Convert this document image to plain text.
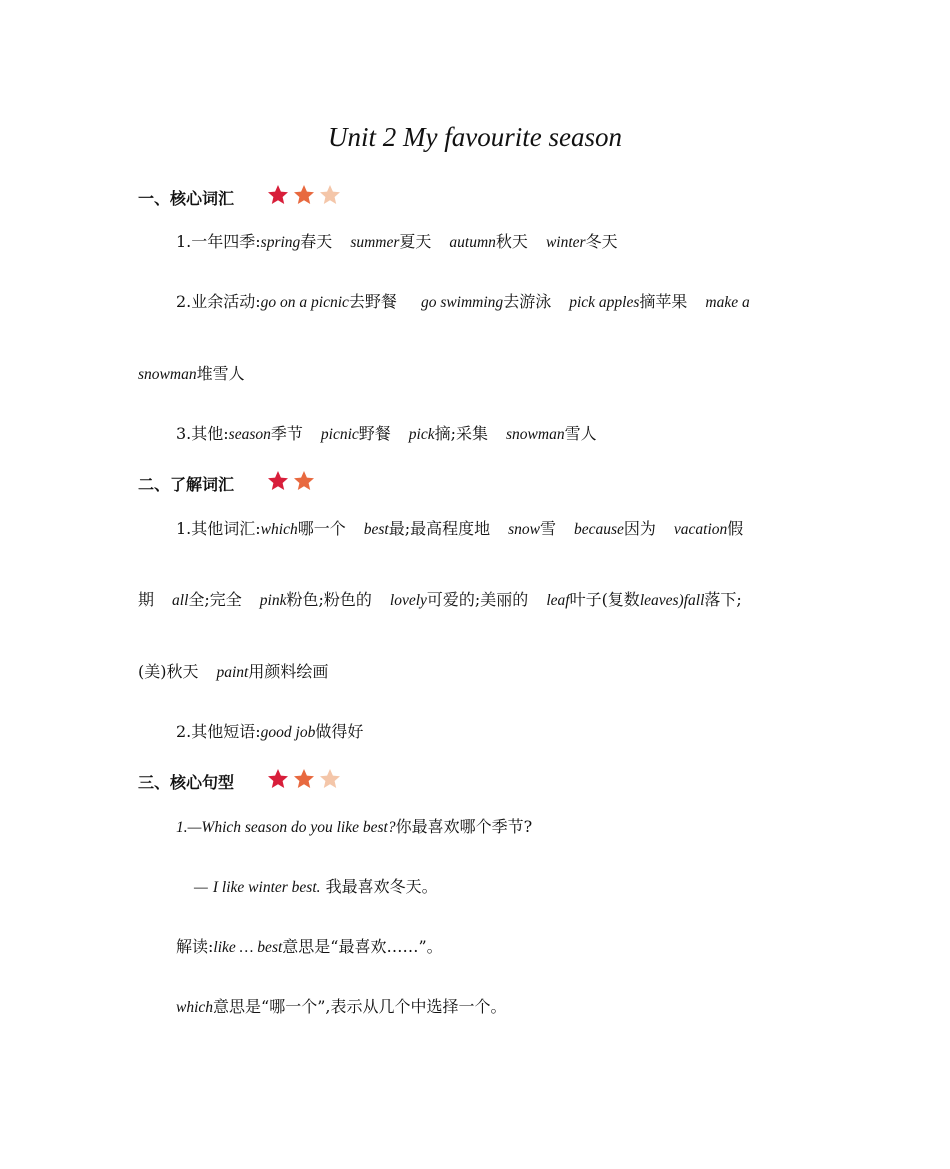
Unit 2 My favourite season
一、核心词汇
1.一年四季:spring春天 summer夏天 autumn秋天 winter冬天
2.业余活动:go on a picnic去野餐 go swimming去游泳 pick apples摘苹果 make a
snowman堆雪人
3.其他:season季节 picnic野餐 pick摘;采集 snowman雪人
二、了解词汇
1.其他词汇:which哪一个 best最;最高程度地 snow雪 because因为 vacation假
期 all全;完全 pink粉色;粉色的 lovely可爱的;美丽的 leaf叶子(复数leaves)fall落下;
(美)秋天 paint用颜料绘画
2.其他短语:good job做得好
三、核心句型
1.—Which season do you like best?你最喜欢哪个季节?
— I like winter best. 我最喜欢冬天。
解读:like … best意思是“最喜欢……”。
which意思是“哪一个”,表示从几个中选择一个。
